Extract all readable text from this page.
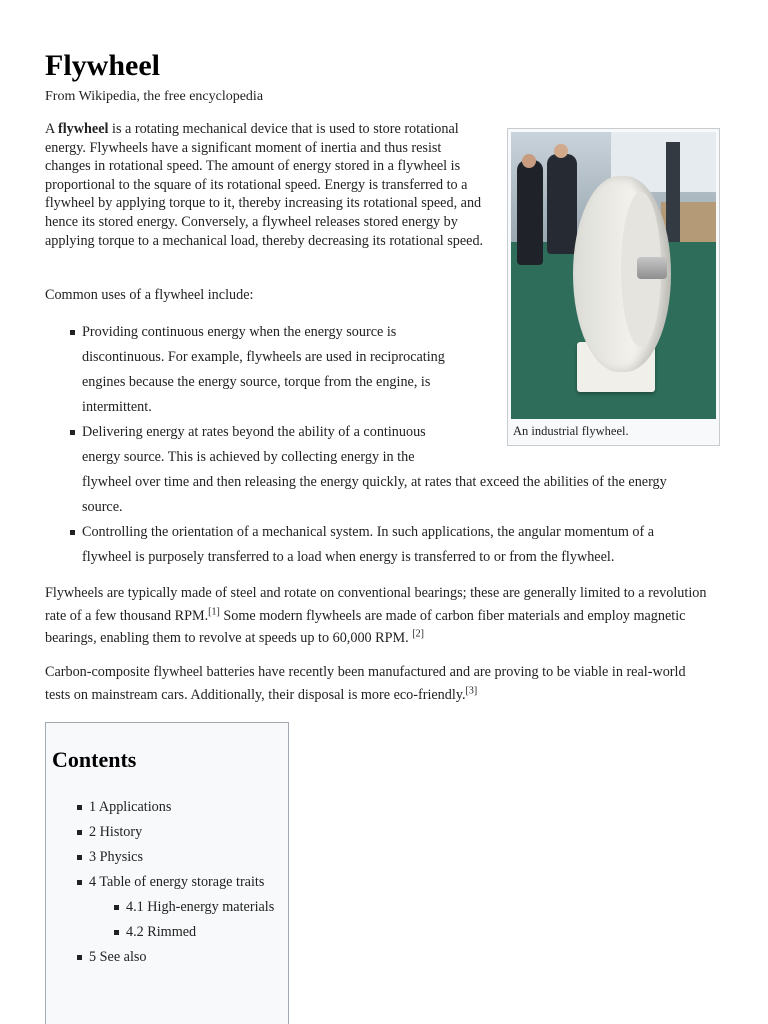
Flywheel
From Wikipedia, the free encyclopedia

A flywheel is a rotating mechanical device that is used to store rotational energy. Flywheels have a significant moment of inertia and thus resist changes in rotational speed. The amount of energy stored in a flywheel is proportional to the square of its rotational speed. Energy is transferred to a flywheel by applying torque to it, thereby increasing its rotational speed, and hence its stored energy. Conversely, a flywheel releases stored energy by applying torque to a mechanical load, thereby decreasing its rotational speed.

Common uses of a flywheel include:

Providing continuous energy when the energy source is
discontinuous. For example, flywheels are used in reciprocating
engines because the energy source, torque from the engine, is
intermittent.
Delivering energy at rates beyond the ability of a continuous
energy source. This is achieved by collecting energy in the
flywheel over time and then releasing the energy quickly, at rates that exceed the abilities of the energy
source.
Controlling the orientation of a mechanical system. In such applications, the angular momentum of a
flywheel is purposely transferred to a load when energy is transferred to or from the flywheel.

Flywheels are typically made of steel and rotate on conventional bearings; these are generally limited to a revolution rate of a few thousand RPM.[1] Some modern flywheels are made of carbon fiber materials and employ magnetic bearings, enabling them to revolve at speeds up to 60,000 RPM. [2]

Carbon-composite flywheel batteries have recently been manufactured and are proving to be viable in real-world tests on mainstream cars. Additionally, their disposal is more eco-friendly.[3]

An industrial flywheel.
Contents
1 Applications
2 History
3 Physics
4 Table of energy storage traits
4.1 High-energy materials
4.2 Rimmed
5 See also
